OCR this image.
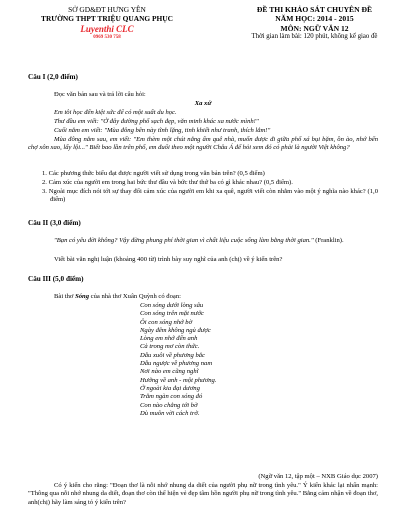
SỞ GD&ĐT HƯNG YÊN
TRƯỜNG THPT TRIỆU QUANG PHỤC
Luyenthi CLC
0969 530 758
ĐỀ THI KHẢO SÁT CHUYÊN ĐỀ
NĂM HỌC: 2014 - 2015
MÔN: NGỮ VĂN 12
Thời gian làm bài: 120 phút, không kể giao đề
Câu I (2,0 điểm)
Đọc văn bản sau và trả lời câu hỏi:
Xa xứ
Em tôi học đến kiệt sức để có một suất du học.
Thư đầu em viết: "Ở đây đường phố sạch đẹp, văn minh khác xa nước mình!"
Cuối năm em viết: "Mùa đông bên này tĩnh lặng, tinh khiết như tranh, thích lắm!"
Mùa đông năm sau, em viết: "Em thèm một chút nắng ấm quê nhà, muốn được đi giữa phố xá bụi bặm, ồn ào, nhớ bến chợ xôn xao, lấy lội..." Biết bao lần trên phố, em đuổi theo một người Châu Á để hỏi xem đó có phải là người Việt không?
1. Các phương thức biểu đạt được người viết sử dụng trong văn bản trên? (0,5 điểm)
2. Cảm xúc của người em trong hai bức thư đầu và bức thư thứ ba có gì khác nhau? (0,5 điểm).
3. Ngoài mục đích nói tới sự thay đổi cảm xúc của người em khi xa quê, người viết còn nhằm vào một ý nghĩa nào khác? (1,0 điểm)
Câu II (3,0 điểm)
"Bạn có yêu đời không? Vậy đừng phung phí thời gian vì chất liệu cuộc sống làm bằng thời gian." (Franklin).
Viết bài văn nghị luận (khoảng 400 từ) trình bày suy nghĩ của anh (chị) về ý kiến trên?
Câu III (5,0 điểm)
Bài thơ Sóng của nhà thơ Xuân Quỳnh có đoạn:
Con sóng dưới lòng sâu
Con sóng trên mặt nước
Ôi con sóng nhớ bờ
Ngày đêm không ngủ được
Lòng em nhớ đến anh
Cả trong mơ còn thức.
Dẫu xuôi về phương bắc
Dẫu ngược về phương nam
Nơi nào em cũng nghĩ
Hướng về anh - một phương.
Ở ngoài kia đại dương
Trăm ngàn con sóng đó
Con nào chẳng tới bờ
Dù muôn vời cách trở.
(Ngữ văn 12, tập một – NXB Giáo dục 2007)
Có ý kiến cho rằng: "Đoạn thơ là nỗi nhớ nhung da diết của người phụ nữ trong tình yêu." Ý kiến khác lại nhấn mạnh: "Thông qua nỗi nhớ nhung da diết, đoạn thơ còn thể hiện vẻ đẹp tâm hồn người phụ nữ trong tình yêu." Bằng cảm nhận về đoạn thơ, anh(chị) hãy làm sáng tỏ ý kiến trên?
